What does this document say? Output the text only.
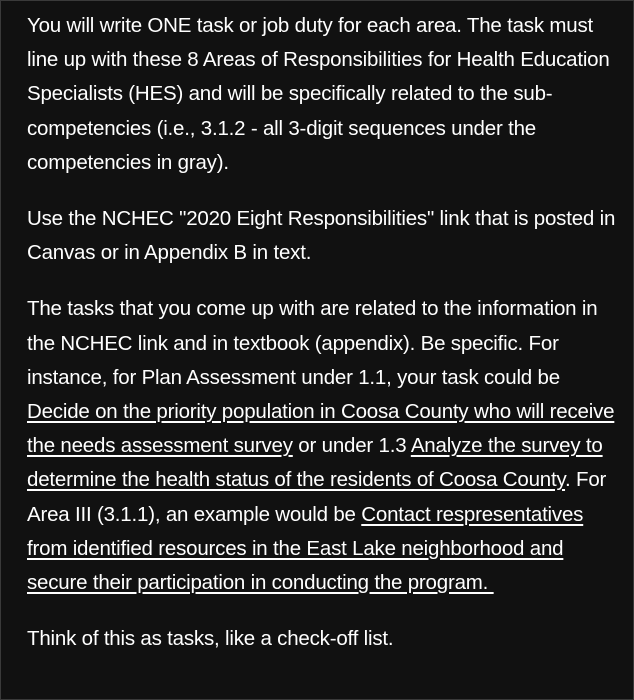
You will write ONE task or job duty for each area. The task must line up with these 8 Areas of Responsibilities for Health Education Specialists (HES) and will be specifically related to the sub-competencies (i.e., 3.1.2 - all 3-digit sequences under the competencies in gray).

Use the NCHEC "2020 Eight Responsibilities" link that is posted in Canvas or in Appendix B in text.

The tasks that you come up with are related to the information in the NCHEC link and in textbook (appendix). Be specific. For instance, for Plan Assessment under 1.1, your task could be Decide on the priority population in Coosa County who will receive the needs assessment survey or under 1.3 Analyze the survey to determine the health status of the residents of Coosa County. For Area III (3.1.1), an example would be Contact respresentatives from identified resources in the East Lake neighborhood and secure their participation in conducting the program.

Think of this as tasks, like a check-off list.
